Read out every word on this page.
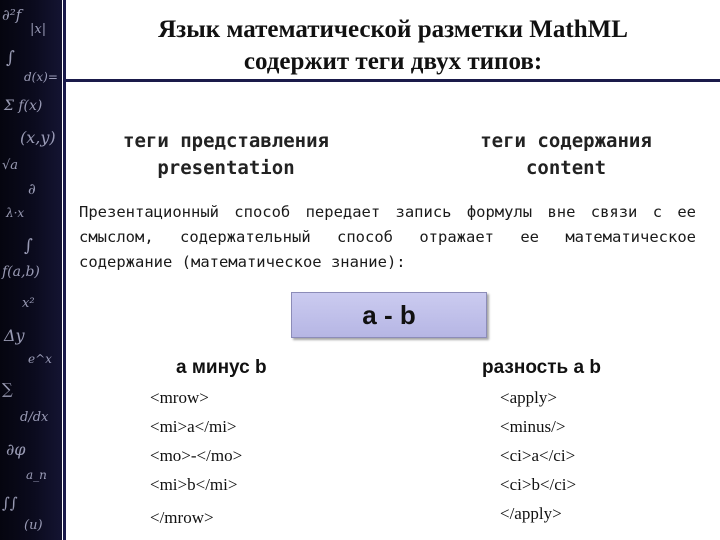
∂²f
|x|
∫
d(x)=
Σ f(x)
(x,y)
√a
∂
λ·x
∫
f(a,b)
x²
Δy
e^x
∑
d/dx
∂φ
a_n
∫∫
(u)
Язык математической разметки MathML
содержит теги двух типов:
теги представления
presentation
теги содержания
content
Презентационный способ передает запись формулы вне связи с ее смыслом, содержательный способ отражает ее математическое содержание (математическое знание):
a - b
а минус b	разность a b
<mrow>
<mi>a</mi>
<mo>-</mo>
<mi>b</mi>
</mrow>
<apply>
<minus/>
<ci>a</ci>
<ci>b</ci>
</apply>
